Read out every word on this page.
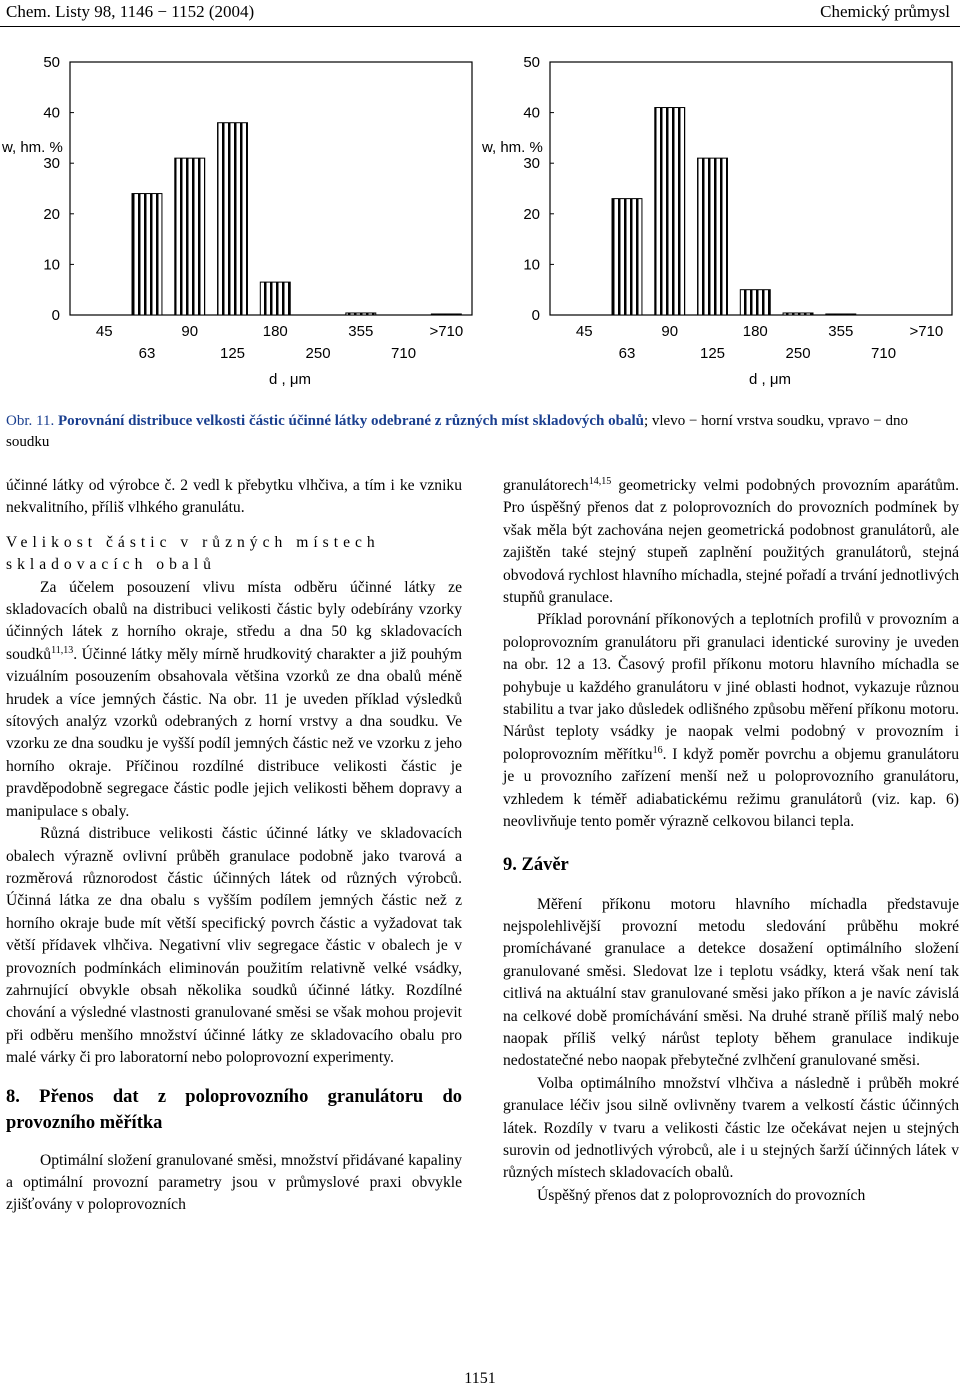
Chem. Listy 98, 1146 − 1152 (2004)	Chemický průmysl
0
10
20
30
40
50
w, hm. %
45
63
90
125
180
250
355
710
>710
d , μm
0
10
20
30
40
50
w, hm. %
45
63
90
125
180
250
355
710
>710
d , μm
Obr. 11. Porovnání distribuce velkosti částic účinné látky odebrané z různých míst skladových obalů; vlevo − horní vrstva soudku, vpravo − dno soudku

účinné látky od výrobce č. 2 vedl k přebytku vlhčiva, a tím i ke vzniku nekvalitního, příliš vlhkého granulátu.

Velikost částic v různých místech skladovacích obalů

Za účelem posouzení vlivu místa odběru účinné látky ze skladovacích obalů na distribuci velikosti částic byly odebírány vzorky účinných látek z horního okraje, středu a dna 50 kg skladovacích soudků$^{11,13}$. Účinné látky měly mírně hrudkovitý charakter a již pouhým vizuálním posouzením obsahovala většina vzorků ze dna obalů méně hrudek a více jemných částic. Na obr. 11 je uveden příklad výsledků sítových analýz vzorků odebraných z horní vrstvy a dna soudku. Ve vzorku ze dna soudku je vyšší podíl jemných částic než ve vzorku z jeho horního okraje. Příčinou rozdílné distribuce velikosti částic je pravděpodobně segregace částic podle jejich velikosti během dopravy a manipulace s obaly.

Různá distribuce velikosti částic účinné látky ve skladovacích obalech výrazně ovlivní průběh granulace podobně jako tvarová a rozměrová různorodost částic účinných látek od různých výrobců. Účinná látka ze dna obalu s vyšším podílem jemných částic než z horního okraje bude mít větší specifický povrch částic a vyžadovat tak větší přídavek vlhčiva. Negativní vliv segregace částic v obalech je v provozních podmínkách eliminován použitím relativně velké vsádky, zahrnující obvykle obsah několika soudků účinné látky. Rozdílné chování a výsledné vlastnosti granulované směsi se však mohou projevit při odběru menšího množství účinné látky ze skladovacího obalu pro malé várky či pro laboratorní nebo poloprovozní experimenty.

8. Přenos dat z poloprovozního granulátoru do provozního měřítka

Optimální složení granulované směsi, množství přidávané kapaliny a optimální provozní parametry jsou v průmyslové praxi obvykle zjišťovány v poloprovozních

granulátorech$^{14,15}$ geometricky velmi podobných provozním aparátům. Pro úspěšný přenos dat z poloprovozních do provozních podmínek by však měla být zachována nejen geometrická podobnost granulátorů, ale zajištěn také stejný stupeň zaplnění použitých granulátorů, stejná obvodová rychlost hlavního míchadla, stejné pořadí a trvání jednotlivých stupňů granulace.

Příklad porovnání příkonových a teplotních profilů v provozním a poloprovozním granulátoru při granulaci identické suroviny je uveden na obr. 12 a 13. Časový profil příkonu motoru hlavního míchadla se pohybuje u každého granulátoru v jiné oblasti hodnot, vykazuje různou stabilitu a tvar jako důsledek odlišného způsobu měření příkonu motoru. Nárůst teploty vsádky je naopak velmi podobný v provozním i poloprovozním měřítku$^{16}$. I když poměr povrchu a objemu granulátoru je u provozního zařízení menší než u poloprovozního granulátoru, vzhledem k téměř adiabatickému režimu granulátorů (viz. kap. 6) neovlivňuje tento poměr výrazně celkovou bilanci tepla.

9. Závěr

Měření příkonu motoru hlavního míchadla představuje nejspolehlivější provozní metodu sledování průběhu mokré promíchávané granulace a detekce dosažení optimálního složení granulované směsi. Sledovat lze i teplotu vsádky, která však není tak citlivá na aktuální stav granulované směsi jako příkon a je navíc závislá na celkové době promíchávání směsi. Na druhé straně příliš malý nebo naopak příliš velký nárůst teploty během granulace indikuje nedostatečné nebo naopak přebytečné zvlhčení granulované směsi.

Volba optimálního množství vlhčiva a následně i průběh mokré granulace léčiv jsou silně ovlivněny tvarem a velkostí částic účinných látek. Rozdíly v tvaru a velikosti částic lze očekávat nejen u stejných surovin od jednotlivých výrobců, ale i u stejných šarží účinných látek v různých místech skladovacích obalů.

Úspěšný přenos dat z poloprovozních do provozních

1151
